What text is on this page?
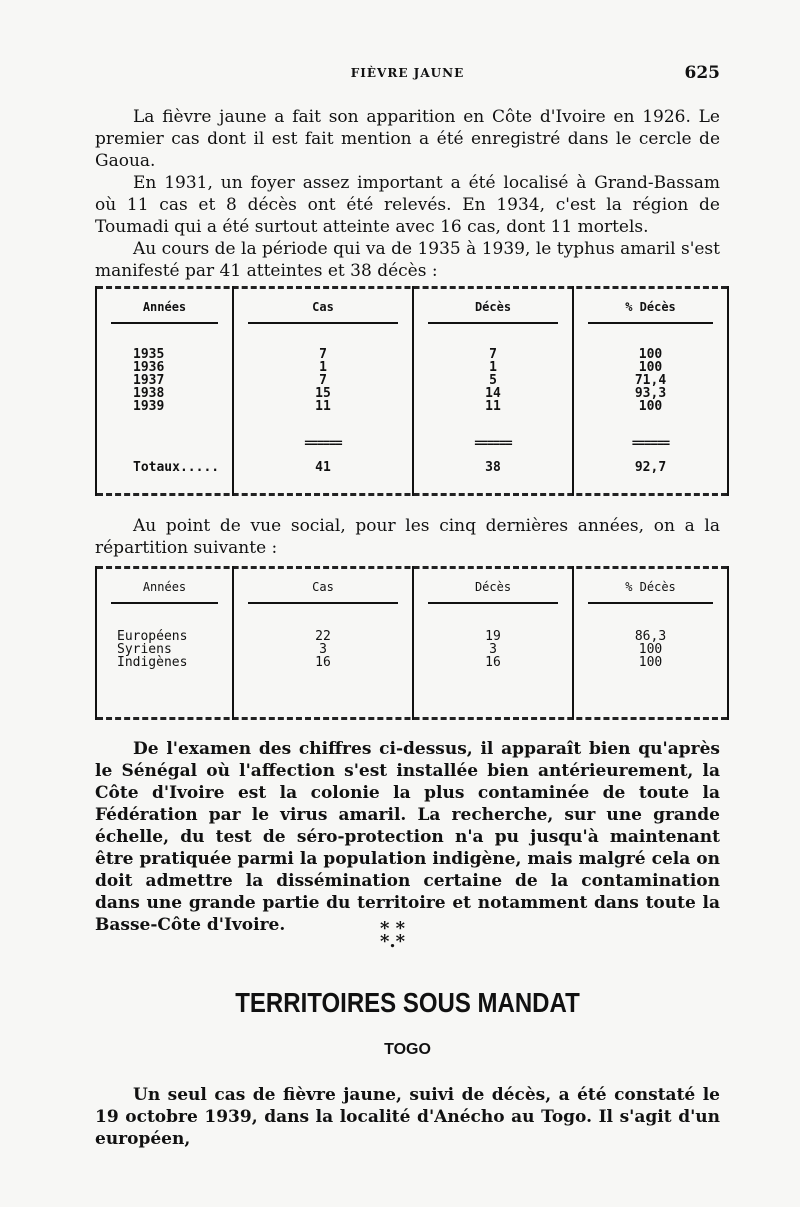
FIÈVRE JAUNE	625

La fièvre jaune a fait son apparition en Côte d'Ivoire en 1926. Le premier cas dont il est fait mention a été enregistré dans le cercle de Gaoua.

En 1931, un foyer assez important a été localisé à Grand-Bassam où 11 cas et 8 décès ont été relevés. En 1934, c'est la région de Toumadi qui a été surtout atteinte avec 16 cas, dont 11 mortels.

Au cours de la période qui va de 1935 à 1939, le typhus amaril s'est manifesté par 41 atteintes et 38 décès :

Années
1935
1936
1937
1938
1939
Totaux.....
Cas
7
1
7
15
11
======
41
Décès
7
1
5
14
11
======
38
% Décès
100
100
71,4
93,3
100
======
92,7

Au point de vue social, pour les cinq dernières années, on a la répartition suivante :

Années
Européens
Syriens
Indigènes
Cas
22
3
16
Décès
19
3
16
% Décès
86,3
100
100

De l'examen des chiffres ci-dessus, il apparaît bien qu'après le Sénégal où l'affection s'est installée bien antérieurement, la Côte d'Ivoire est la colonie la plus contaminée de toute la Fédération par le virus amaril. La recherche, sur une grande échelle, du test de séro-protection n'a pu jusqu'à maintenant être pratiquée parmi la population indigène, mais malgré cela on doit admettre la dissémination certaine de la contamination dans une grande partie du territoire et notamment dans toute la Basse-Côte d'Ivoire.	* *
*.*
TERRITOIRES SOUS MANDAT
TOGO

Un seul cas de fièvre jaune, suivi de décès, a été constaté le 19 octobre 1939, dans la localité d'Anécho au Togo. Il s'agit d'un européen,
